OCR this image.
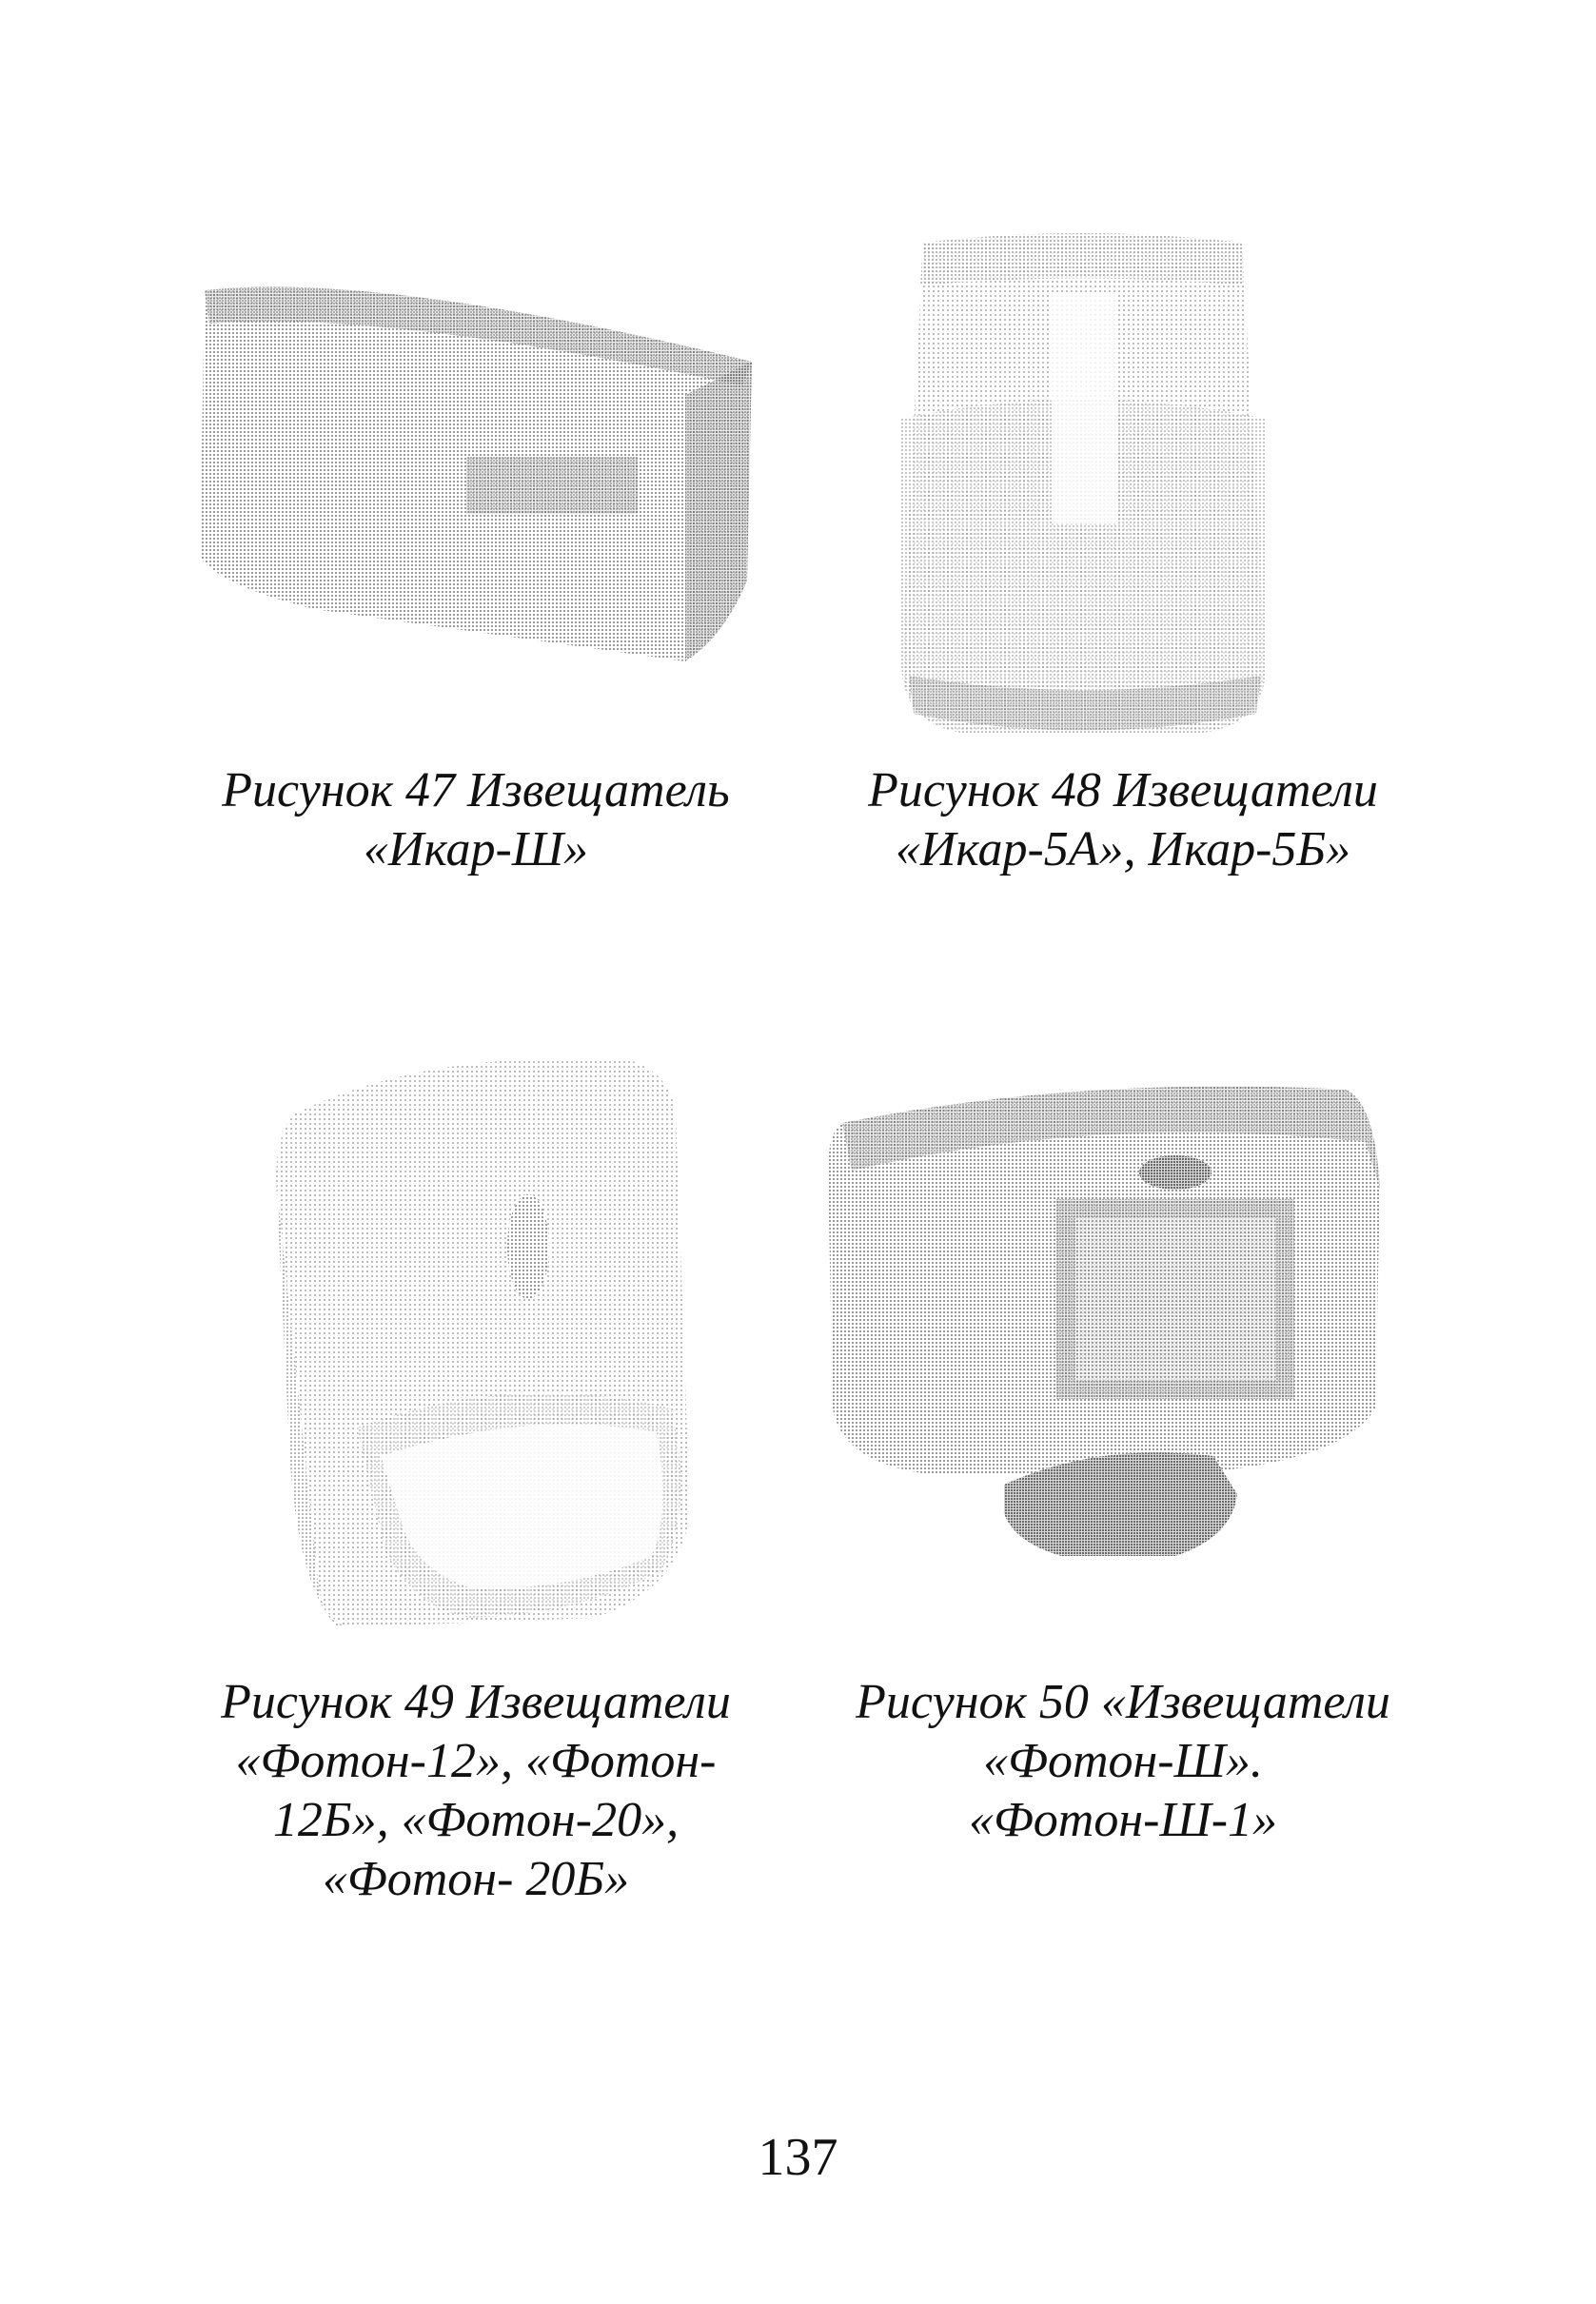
Рисунок 47 Извещатель
«Икар-Ш»
Рисунок 48 Извещатели
«Икар-5А», Икар-5Б»
Рисунок 49 Извещатели
«Фотон-12», «Фотон-
12Б», «Фотон-20»,
«Фотон- 20Б»
Рисунок 50 «Извещатели
«Фотон-Ш».
«Фотон-Ш-1»
137
